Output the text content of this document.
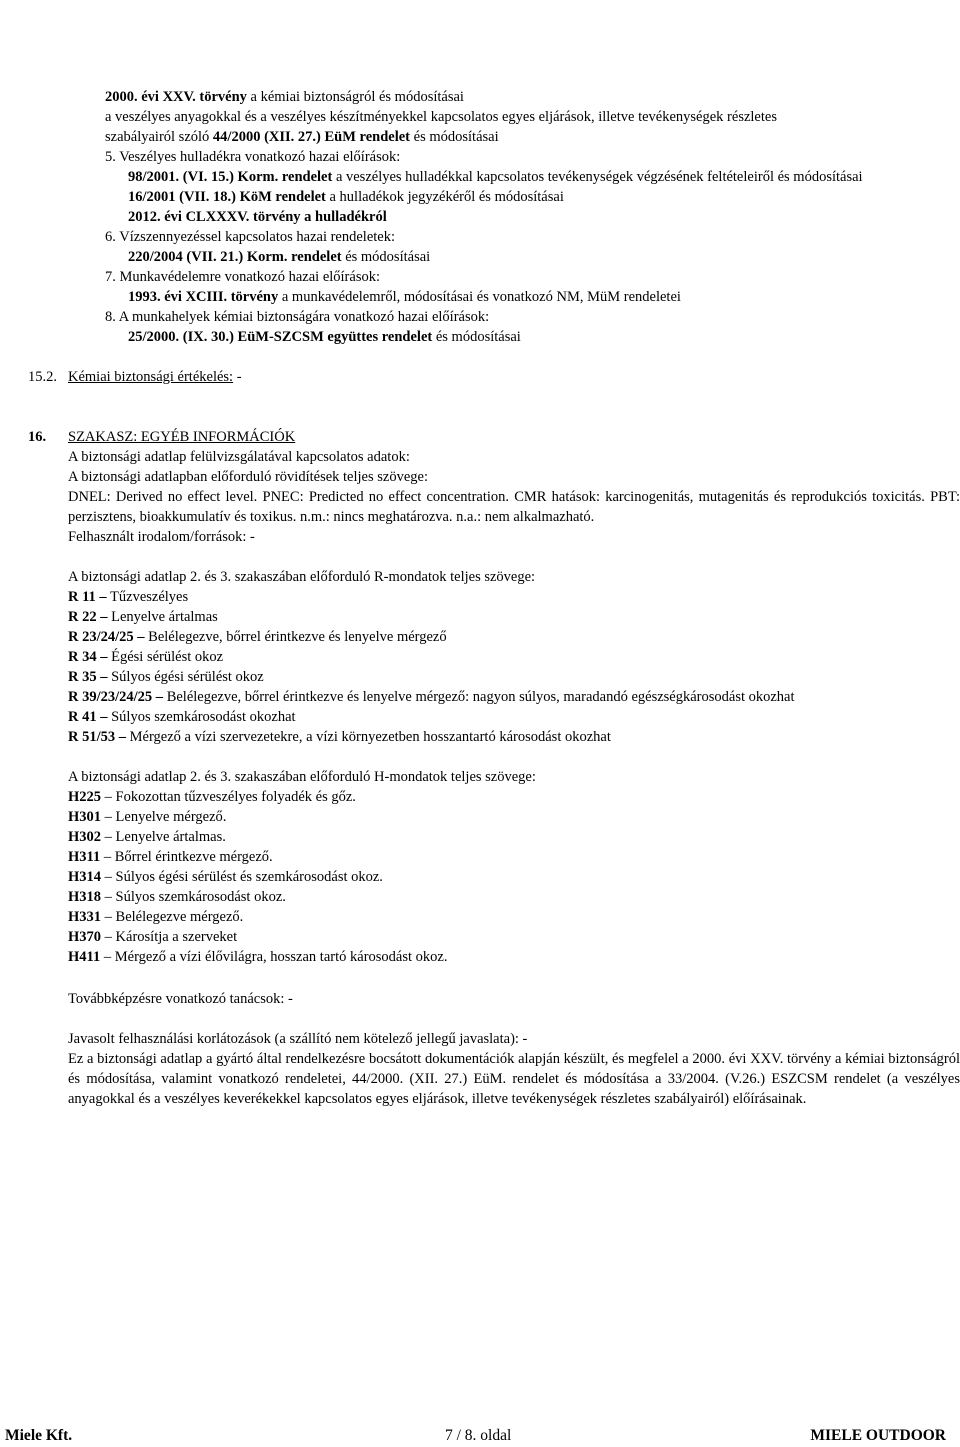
Elkészítés időpontja: 2013. április 30.
Felülvizsgálat időpontja: -
Verziószám: 1
http://www.biztonsagiadatlap.hu
2000. évi XXV. törvény a kémiai biztonságról és módosításai
a veszélyes anyagokkal és a veszélyes készítményekkel kapcsolatos egyes eljárások, illetve tevékenységek részletes
szabályairól szóló 44/2000 (XII. 27.) EüM rendelet és módosításai
5. Veszélyes hulladékra vonatkozó hazai előírások:
98/2001. (VI. 15.) Korm. rendelet a veszélyes hulladékkal kapcsolatos tevékenységek végzésének feltételeiről és módosításai
16/2001 (VII. 18.) KöM rendelet a hulladékok jegyzékéről és módosításai
2012. évi CLXXXV. törvény a hulladékról
6. Vízszennyezéssel kapcsolatos hazai rendeletek:
220/2004 (VII. 21.) Korm. rendelet és módosításai
7. Munkavédelemre vonatkozó hazai előírások:
1993. évi XCIII. törvény a munkavédelemről, módosításai és vonatkozó NM, MüM rendeletei
8. A munkahelyek kémiai biztonságára vonatkozó hazai előírások:
25/2000. (IX. 30.) EüM-SZCSM együttes rendelet és módosításai
15.2. Kémiai biztonsági értékelés: -
16. SZAKASZ: EGYÉB INFORMÁCIÓK
A biztonsági adatlap felülvizsgálatával kapcsolatos adatok:
A biztonsági adatlapban előforduló rövidítések teljes szövege:
DNEL: Derived no effect level. PNEC: Predicted no effect concentration. CMR hatások: karcinogenitás, mutagenitás és reprodukciós toxicitás. PBT: perzisztens, bioakkumulatív és toxikus. n.m.: nincs meghatározva. n.a.: nem alkalmazható.
Felhasznált irodalom/források: -
A biztonsági adatlap 2. és 3. szakaszában előforduló R-mondatok teljes szövege:
R 11 – Tűzveszélyes
R 22 – Lenyelve ártalmas
R 23/24/25 – Belélegezve, bőrrel érintkezve és lenyelve mérgező
R 34 – Égési sérülést okoz
R 35 – Súlyos égési sérülést okoz
R 39/23/24/25 – Belélegezve, bőrrel érintkezve és lenyelve mérgező: nagyon súlyos, maradandó egészségkárosodást okozhat
R 41 – Súlyos szemkárosodást okozhat
R 51/53 – Mérgező a vízi szervezetekre, a vízi környezetben hosszantartó károsodást okozhat
A biztonsági adatlap 2. és 3. szakaszában előforduló H-mondatok teljes szövege:
H225 – Fokozottan tűzveszélyes folyadék és gőz.
H301 – Lenyelve mérgező.
H302 – Lenyelve ártalmas.
H311 – Bőrrel érintkezve mérgező.
H314 – Súlyos égési sérülést és szemkárosodást okoz.
H318 – Súlyos szemkárosodást okoz.
H331 – Belélegezve mérgező.
H370 – Károsítja a szerveket
H411 – Mérgező a vízi élővilágra, hosszan tartó károsodást okoz.
Továbbképzésre vonatkozó tanácsok: -
Javasolt felhasználási korlátozások (a szállító nem kötelező jellegű javaslata): -
Ez a biztonsági adatlap a gyártó által rendelkezésre bocsátott dokumentációk alapján készült, és megfelel a 2000. évi XXV. törvény a kémiai biztonságról és módosítása, valamint vonatkozó rendeletei, 44/2000. (XII. 27.) EüM. rendelet és módosítása a 33/2004. (V.26.) ESZCSM rendelet (a veszélyes anyagokkal és a veszélyes keverékekkel kapcsolatos egyes eljárások, illetve tevékenységek részletes szabályairól) előírásainak.
Miele Kft.	7 / 8. oldal	MIELE OUTDOOR
